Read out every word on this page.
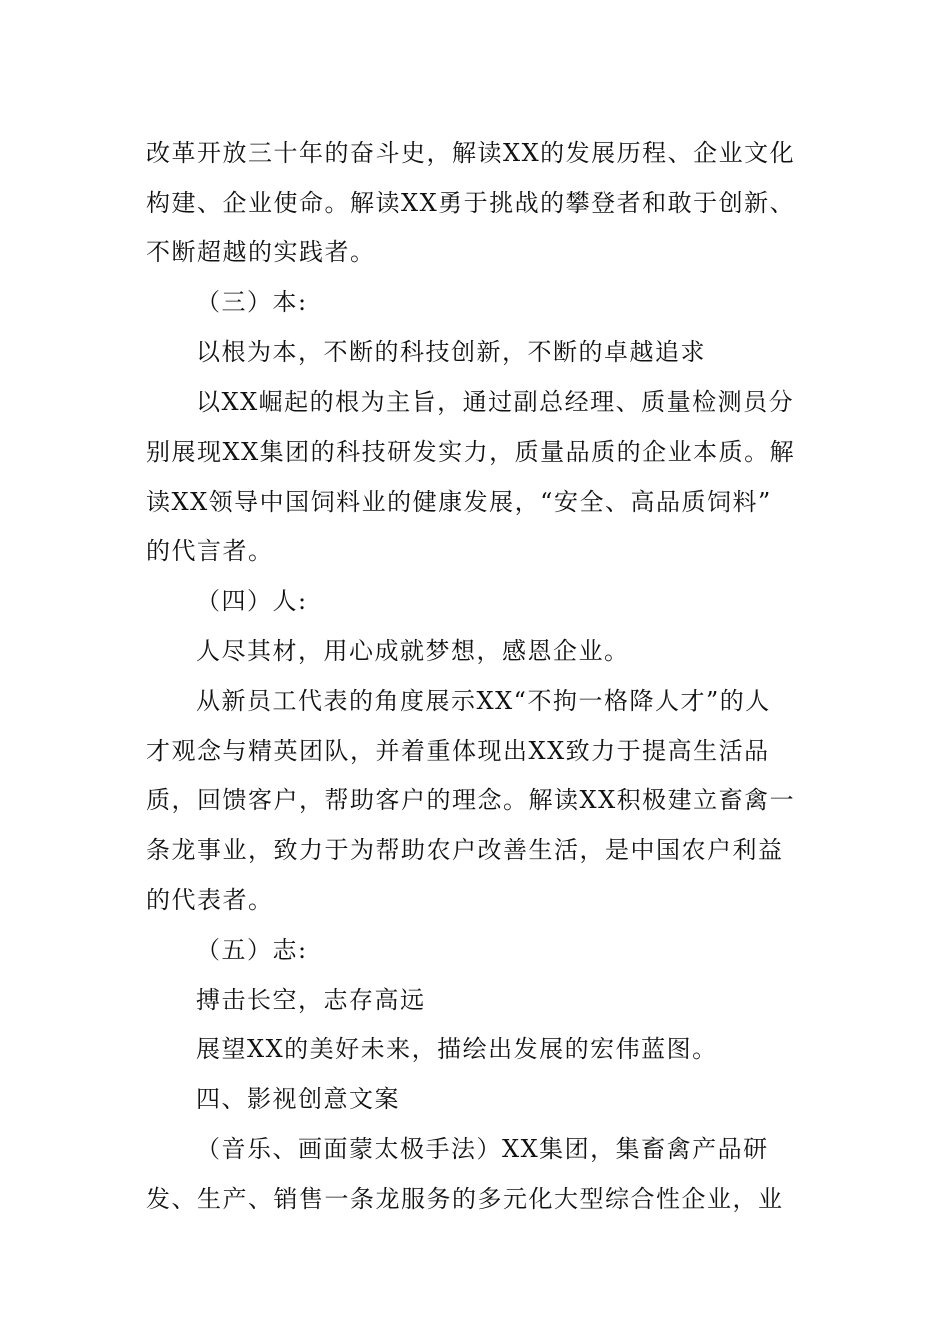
改革开放三十年的奋斗史，解读XX的发展历程、企业文化
构建、企业使命。解读XX勇于挑战的攀登者和敢于创新、
不断超越的实践者。
（三）本:
以根为本，不断的科技创新，不断的卓越追求
以XX崛起的根为主旨，通过副总经理、质量检测员分
别展现XX集团的科技研发实力，质量品质的企业本质。解
读XX领导中国饲料业的健康发展，“安全、高品质饲料”
的代言者。
（四）人:
人尽其材，用心成就梦想，感恩企业。
从新员工代表的角度展示XX“不拘一格降人才”的人
才观念与精英团队，并着重体现出XX致力于提高生活品
质，回馈客户，帮助客户的理念。解读XX积极建立畜禽一
条龙事业，致力于为帮助农户改善生活，是中国农户利益
的代表者。
（五）志:
搏击长空，志存高远
展望XX的美好未来，描绘出发展的宏伟蓝图。
四、影视创意文案
（音乐、画面蒙太极手法）XX集团，集畜禽产品研
发、生产、销售一条龙服务的多元化大型综合性企业，业
